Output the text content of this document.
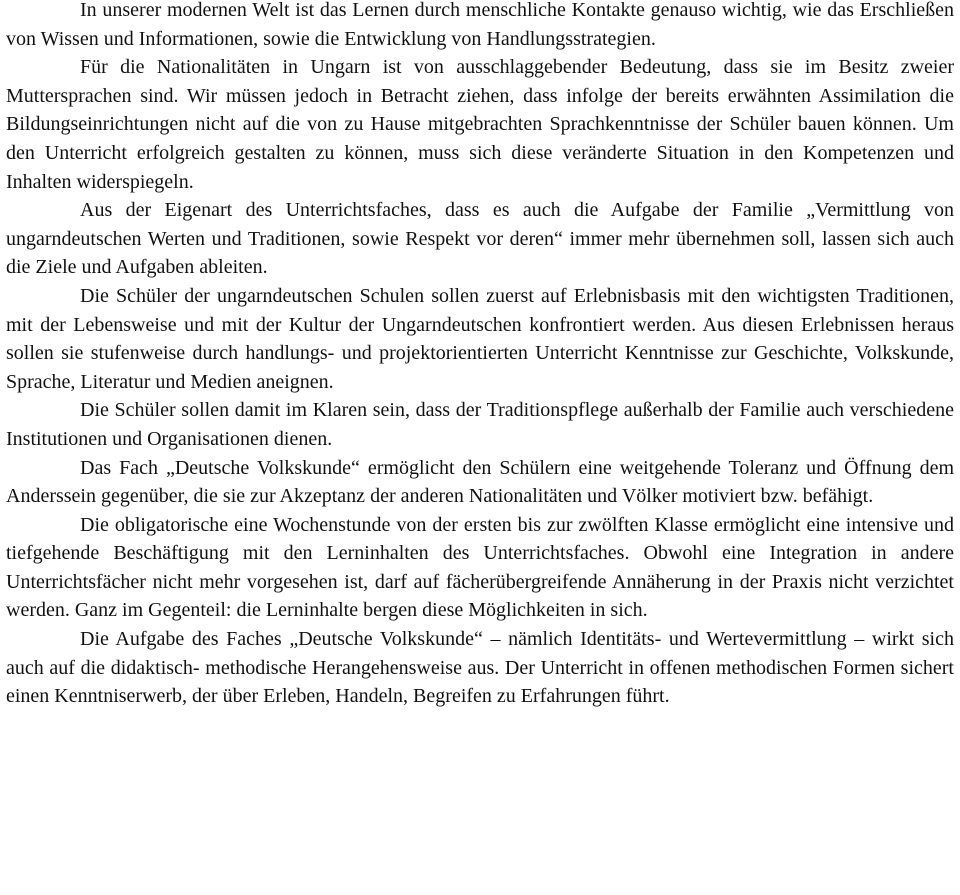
In unserer modernen Welt ist das Lernen durch menschliche Kontakte genauso wichtig, wie das Erschließen von Wissen und Informationen, sowie die Entwicklung von Handlungsstrategien.

Für die Nationalitäten in Ungarn ist von ausschlaggebender Bedeutung, dass sie im Besitz zweier Muttersprachen sind. Wir müssen jedoch in Betracht ziehen, dass infolge der bereits erwähnten Assimilation die Bildungseinrichtungen nicht auf die von zu Hause mitgebrachten Sprachkenntnisse der Schüler bauen können. Um den Unterricht erfolgreich gestalten zu können, muss sich diese veränderte Situation in den Kompetenzen und Inhalten widerspiegeln.

Aus der Eigenart des Unterrichtsfaches, dass es auch die Aufgabe der Familie „Vermittlung von ungarndeutschen Werten und Traditionen, sowie Respekt vor deren“ immer mehr übernehmen soll, lassen sich auch die Ziele und Aufgaben ableiten.

Die Schüler der ungarndeutschen Schulen sollen zuerst auf Erlebnisbasis mit den wichtigsten Traditionen, mit der Lebensweise und mit der Kultur der Ungarndeutschen konfrontiert werden. Aus diesen Erlebnissen heraus sollen sie stufenweise durch handlungs- und projektorientierten Unterricht Kenntnisse zur Geschichte, Volkskunde, Sprache, Literatur und Medien aneignen.

Die Schüler sollen damit im Klaren sein, dass der Traditionspflege außerhalb der Familie auch verschiedene Institutionen und Organisationen dienen.

Das Fach „Deutsche Volkskunde“ ermöglicht den Schülern eine weitgehende Toleranz und Öffnung dem Anderssein gegenüber, die sie zur Akzeptanz der anderen Nationalitäten und Völker motiviert bzw. befähigt.

Die obligatorische eine Wochenstunde von der ersten bis zur zwölften Klasse ermöglicht eine intensive und tiefgehende Beschäftigung mit den Lerninhalten des Unterrichtsfaches. Obwohl eine Integration in andere Unterrichtsfächer nicht mehr vorgesehen ist, darf auf fächerübergreifende Annäherung in der Praxis nicht verzichtet werden. Ganz im Gegenteil: die Lerninhalte bergen diese Möglichkeiten in sich.

Die Aufgabe des Faches „Deutsche Volkskunde“ – nämlich Identitäts- und Wertevermittlung – wirkt sich auch auf die didaktisch- methodische Herangehensweise aus. Der Unterricht in offenen methodischen Formen sichert einen Kenntniserwerb, der über Erleben, Handeln, Begreifen zu Erfahrungen führt.
